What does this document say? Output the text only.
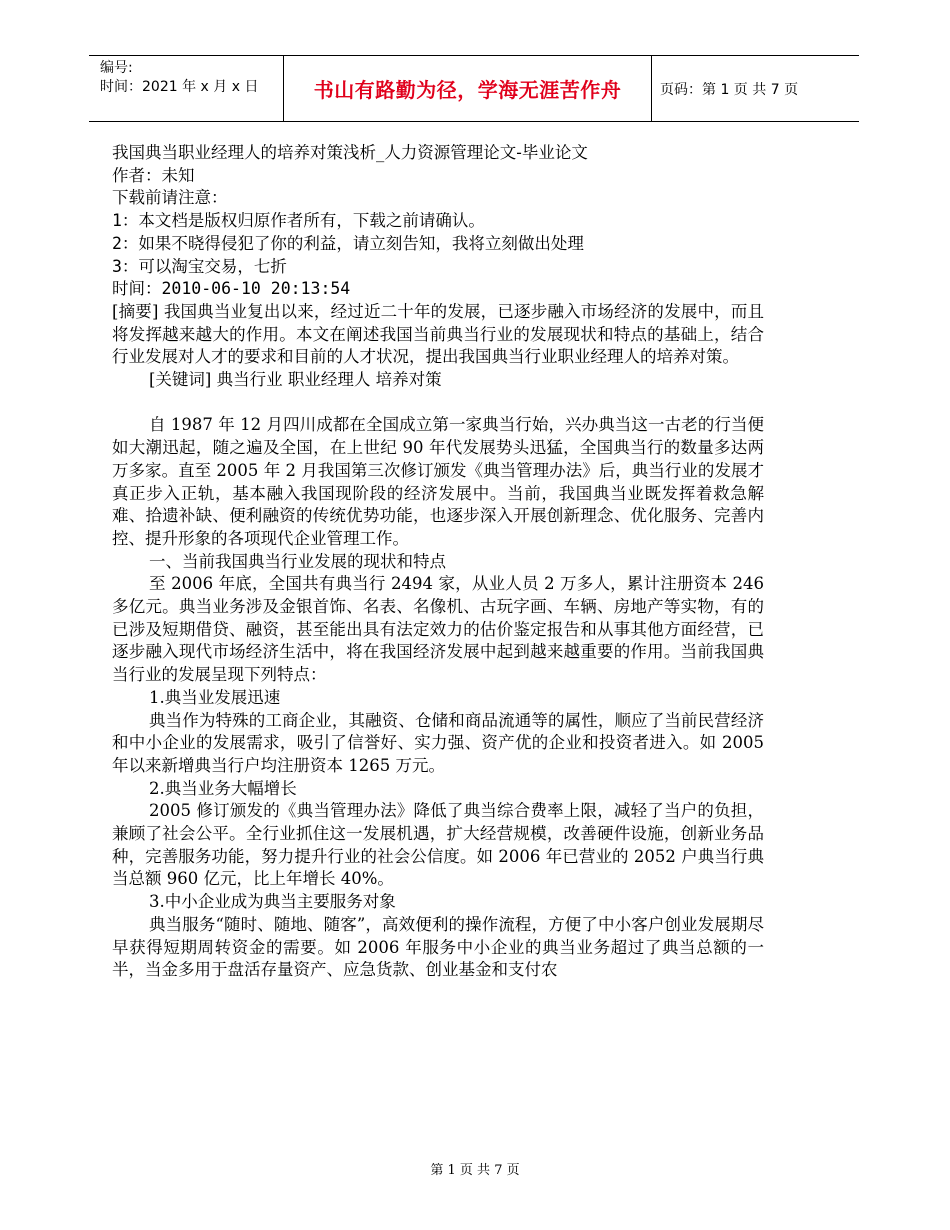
编号:
时间：2021 年 x 月 x 日	书山有路勤为径，学海无涯苦作舟	页码：第 1 页 共 7 页

我国典当职业经理人的培养对策浅析_人力资源管理论文-毕业论文

作者：未知

下载前请注意：

1：本文档是版权归原作者所有，下载之前请确认。

2：如果不晓得侵犯了你的利益，请立刻告知，我将立刻做出处理

3：可以淘宝交易，七折

时间：2010-06-10 20:13:54

[摘要] 我国典当业复出以来，经过近二十年的发展，已逐步融入市场经济的发展中，而且将发挥越来越大的作用。本文在阐述我国当前典当行业的发展现状和特点的基础上，结合行业发展对人才的要求和目前的人才状况，提出我国典当行业职业经理人的培养对策。

[关键词] 典当行业 职业经理人 培养对策

自 1987 年 12 月四川成都在全国成立第一家典当行始，兴办典当这一古老的行当便如大潮迅起，随之遍及全国，在上世纪 90 年代发展势头迅猛，全国典当行的数量多达两万多家。直至 2005 年 2 月我国第三次修订颁发《典当管理办法》后，典当行业的发展才真正步入正轨，基本融入我国现阶段的经济发展中。当前，我国典当业既发挥着救急解难、拾遗补缺、便利融资的传统优势功能，也逐步深入开展创新理念、优化服务、完善内控、提升形象的各项现代企业管理工作。

一、当前我国典当行业发展的现状和特点

至 2006 年底，全国共有典当行 2494 家，从业人员 2 万多人，累计注册资本 246 多亿元。典当业务涉及金银首饰、名表、名像机、古玩字画、车辆、房地产等实物，有的已涉及短期借贷、融资，甚至能出具有法定效力的估价鉴定报告和从事其他方面经营，已逐步融入现代市场经济生活中，将在我国经济发展中起到越来越重要的作用。当前我国典当行业的发展呈现下列特点：

1.典当业发展迅速

典当作为特殊的工商企业，其融资、仓储和商品流通等的属性，顺应了当前民营经济和中小企业的发展需求，吸引了信誉好、实力强、资产优的企业和投资者进入。如 2005 年以来新增典当行户均注册资本 1265 万元。

2.典当业务大幅增长

2005 修订颁发的《典当管理办法》降低了典当综合费率上限，减轻了当户的负担，兼顾了社会公平。全行业抓住这一发展机遇，扩大经营规模，改善硬件设施，创新业务品种，完善服务功能，努力提升行业的社会公信度。如 2006 年已营业的 2052 户典当行典当总额 960 亿元，比上年增长 40%。

3.中小企业成为典当主要服务对象

典当服务“随时、随地、随客”，高效便利的操作流程，方便了中小客户创业发展期尽早获得短期周转资金的需要。如 2006 年服务中小企业的典当业务超过了典当总额的一半，当金多用于盘活存量资产、应急货款、创业基金和支付农

第 1 页 共 7 页
